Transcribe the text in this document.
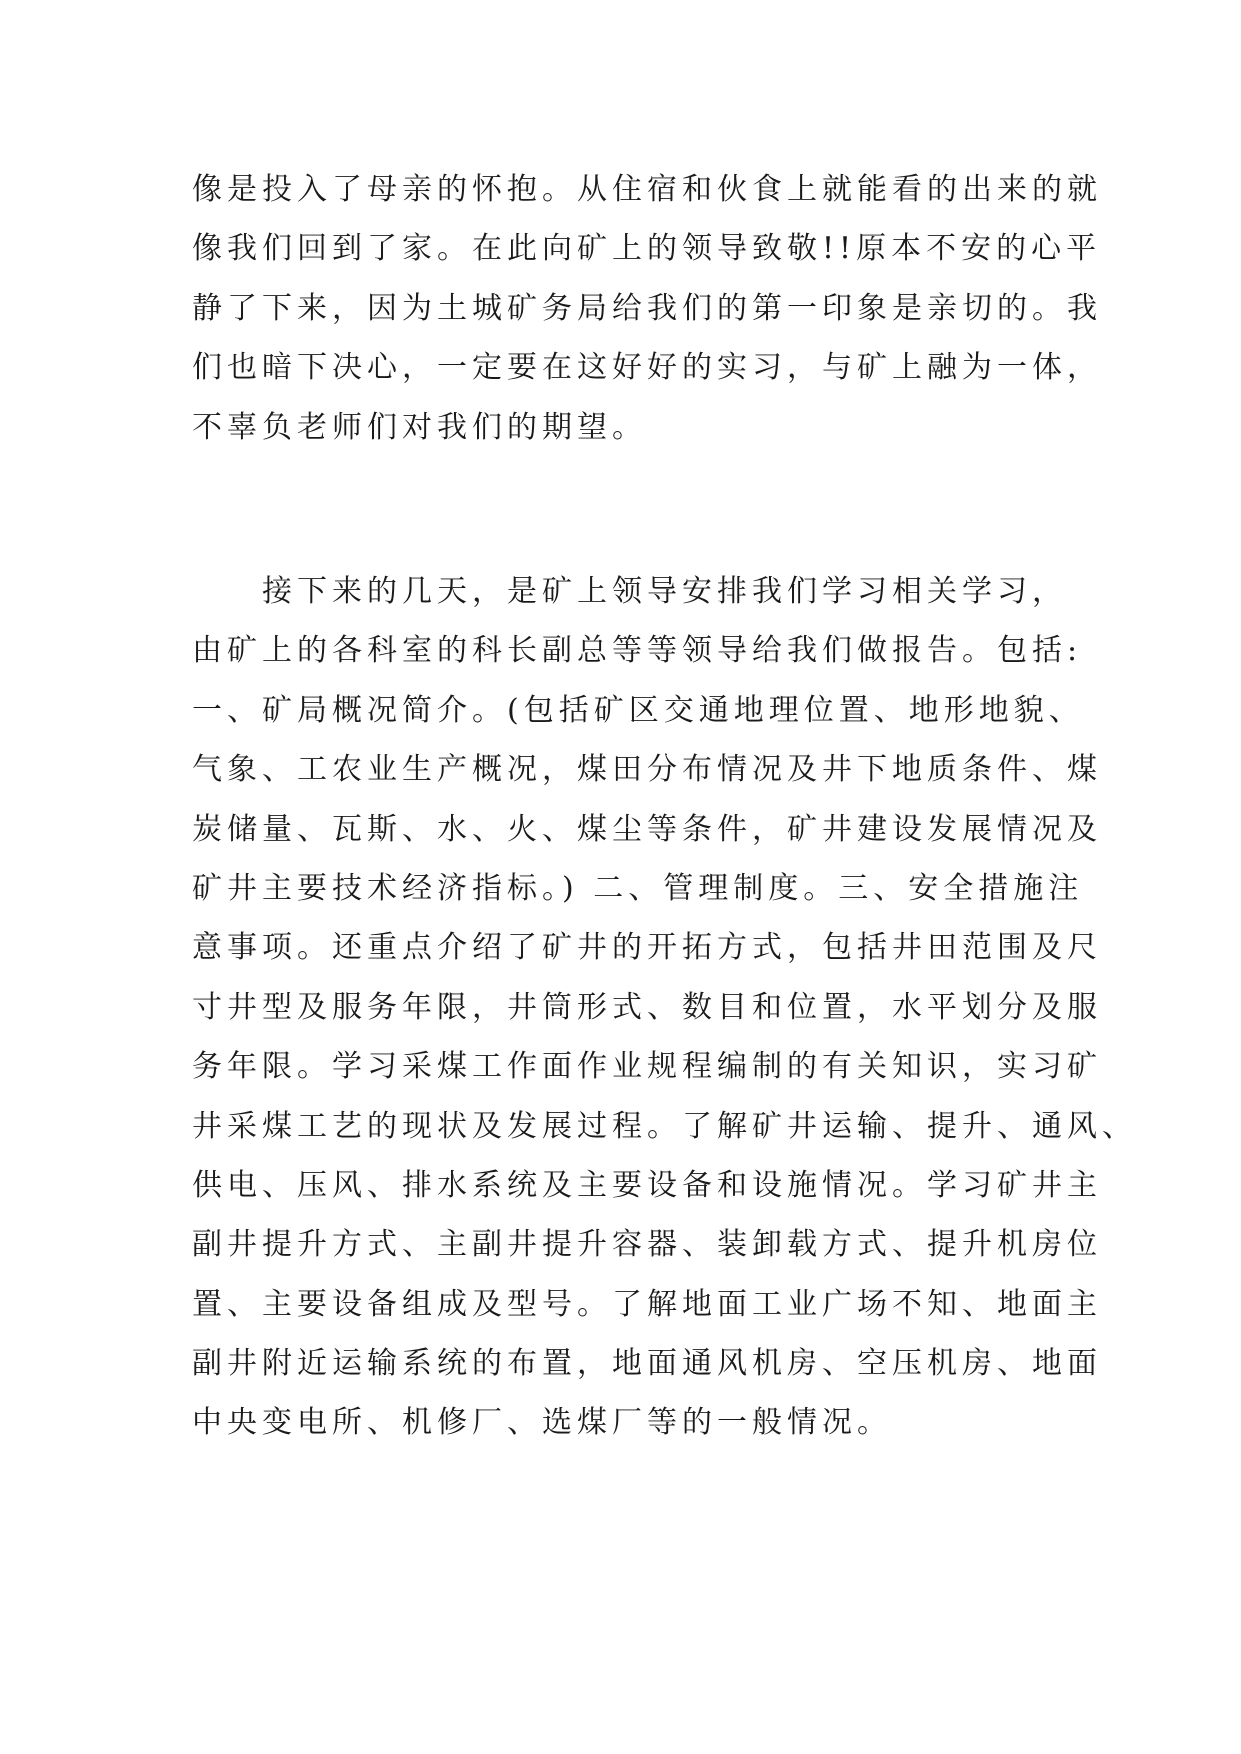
像是投入了母亲的怀抱。从住宿和伙食上就能看的出来的就
像我们回到了家。在此向矿上的领导致敬!!原本不安的心平
静了下来，因为土城矿务局给我们的第一印象是亲切的。我
们也暗下决心，一定要在这好好的实习，与矿上融为一体，
不辜负老师们对我们的期望。
　　接下来的几天，是矿上领导安排我们学习相关学习，
由矿上的各科室的科长副总等等领导给我们做报告。包括:
一、矿局概况简介。(包括矿区交通地理位置、地形地貌、
气象、工农业生产概况，煤田分布情况及井下地质条件、煤
炭储量、瓦斯、水、火、煤尘等条件，矿井建设发展情况及
矿井主要技术经济指标。) 二、管理制度。三、安全措施注
意事项。还重点介绍了矿井的开拓方式，包括井田范围及尺
寸井型及服务年限，井筒形式、数目和位置，水平划分及服
务年限。学习采煤工作面作业规程编制的有关知识，实习矿
井采煤工艺的现状及发展过程。了解矿井运输、提升、通风、
供电、压风、排水系统及主要设备和设施情况。学习矿井主
副井提升方式、主副井提升容器、装卸载方式、提升机房位
置、主要设备组成及型号。了解地面工业广场不知、地面主
副井附近运输系统的布置，地面通风机房、空压机房、地面
中央变电所、机修厂、选煤厂等的一般情况。
